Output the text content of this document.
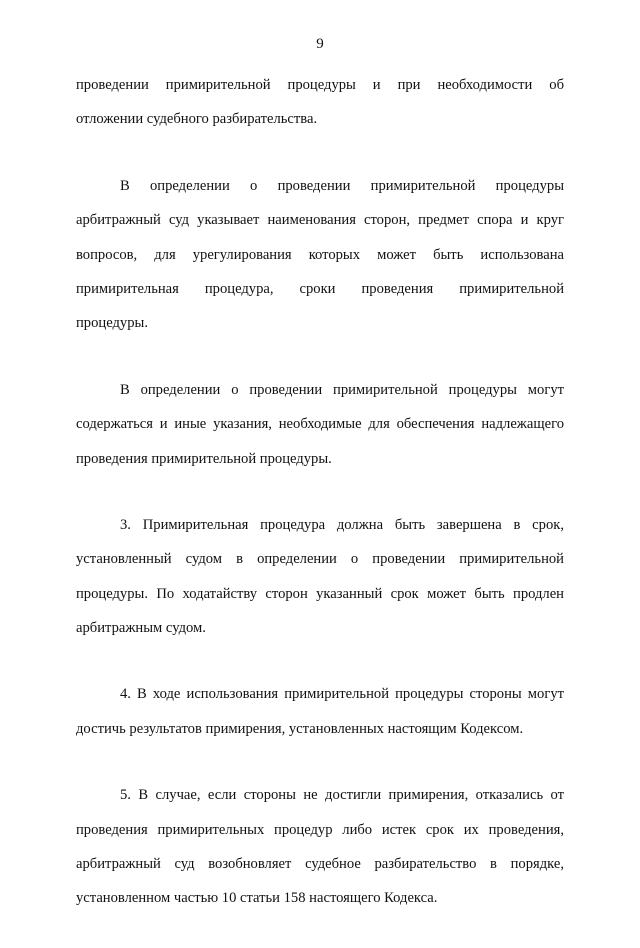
9

проведении примирительной процедуры и при необходимости об
отложении судебного разбирательства.

В определении о проведении примирительной процедуры
арбитражный суд указывает наименования сторон, предмет спора и круг
вопросов, для урегулирования которых может быть использована
примирительная процедура, сроки проведения примирительной
процедуры.

В определении о проведении примирительной процедуры могут
содержаться и иные указания, необходимые для обеспечения надлежащего
проведения примирительной процедуры.

3. Примирительная процедура должна быть завершена в срок,
установленный судом в определении о проведении примирительной
процедуры. По ходатайству сторон указанный срок может быть продлен
арбитражным судом.

4. В ходе использования примирительной процедуры стороны могут
достичь результатов примирения, установленных настоящим Кодексом.

5. В случае, если стороны не достигли примирения, отказались от
проведения примирительных процедур либо истек срок их проведения,
арбитражный суд возобновляет судебное разбирательство в порядке,
установленном частью 10 статьи 158 настоящего Кодекса.
